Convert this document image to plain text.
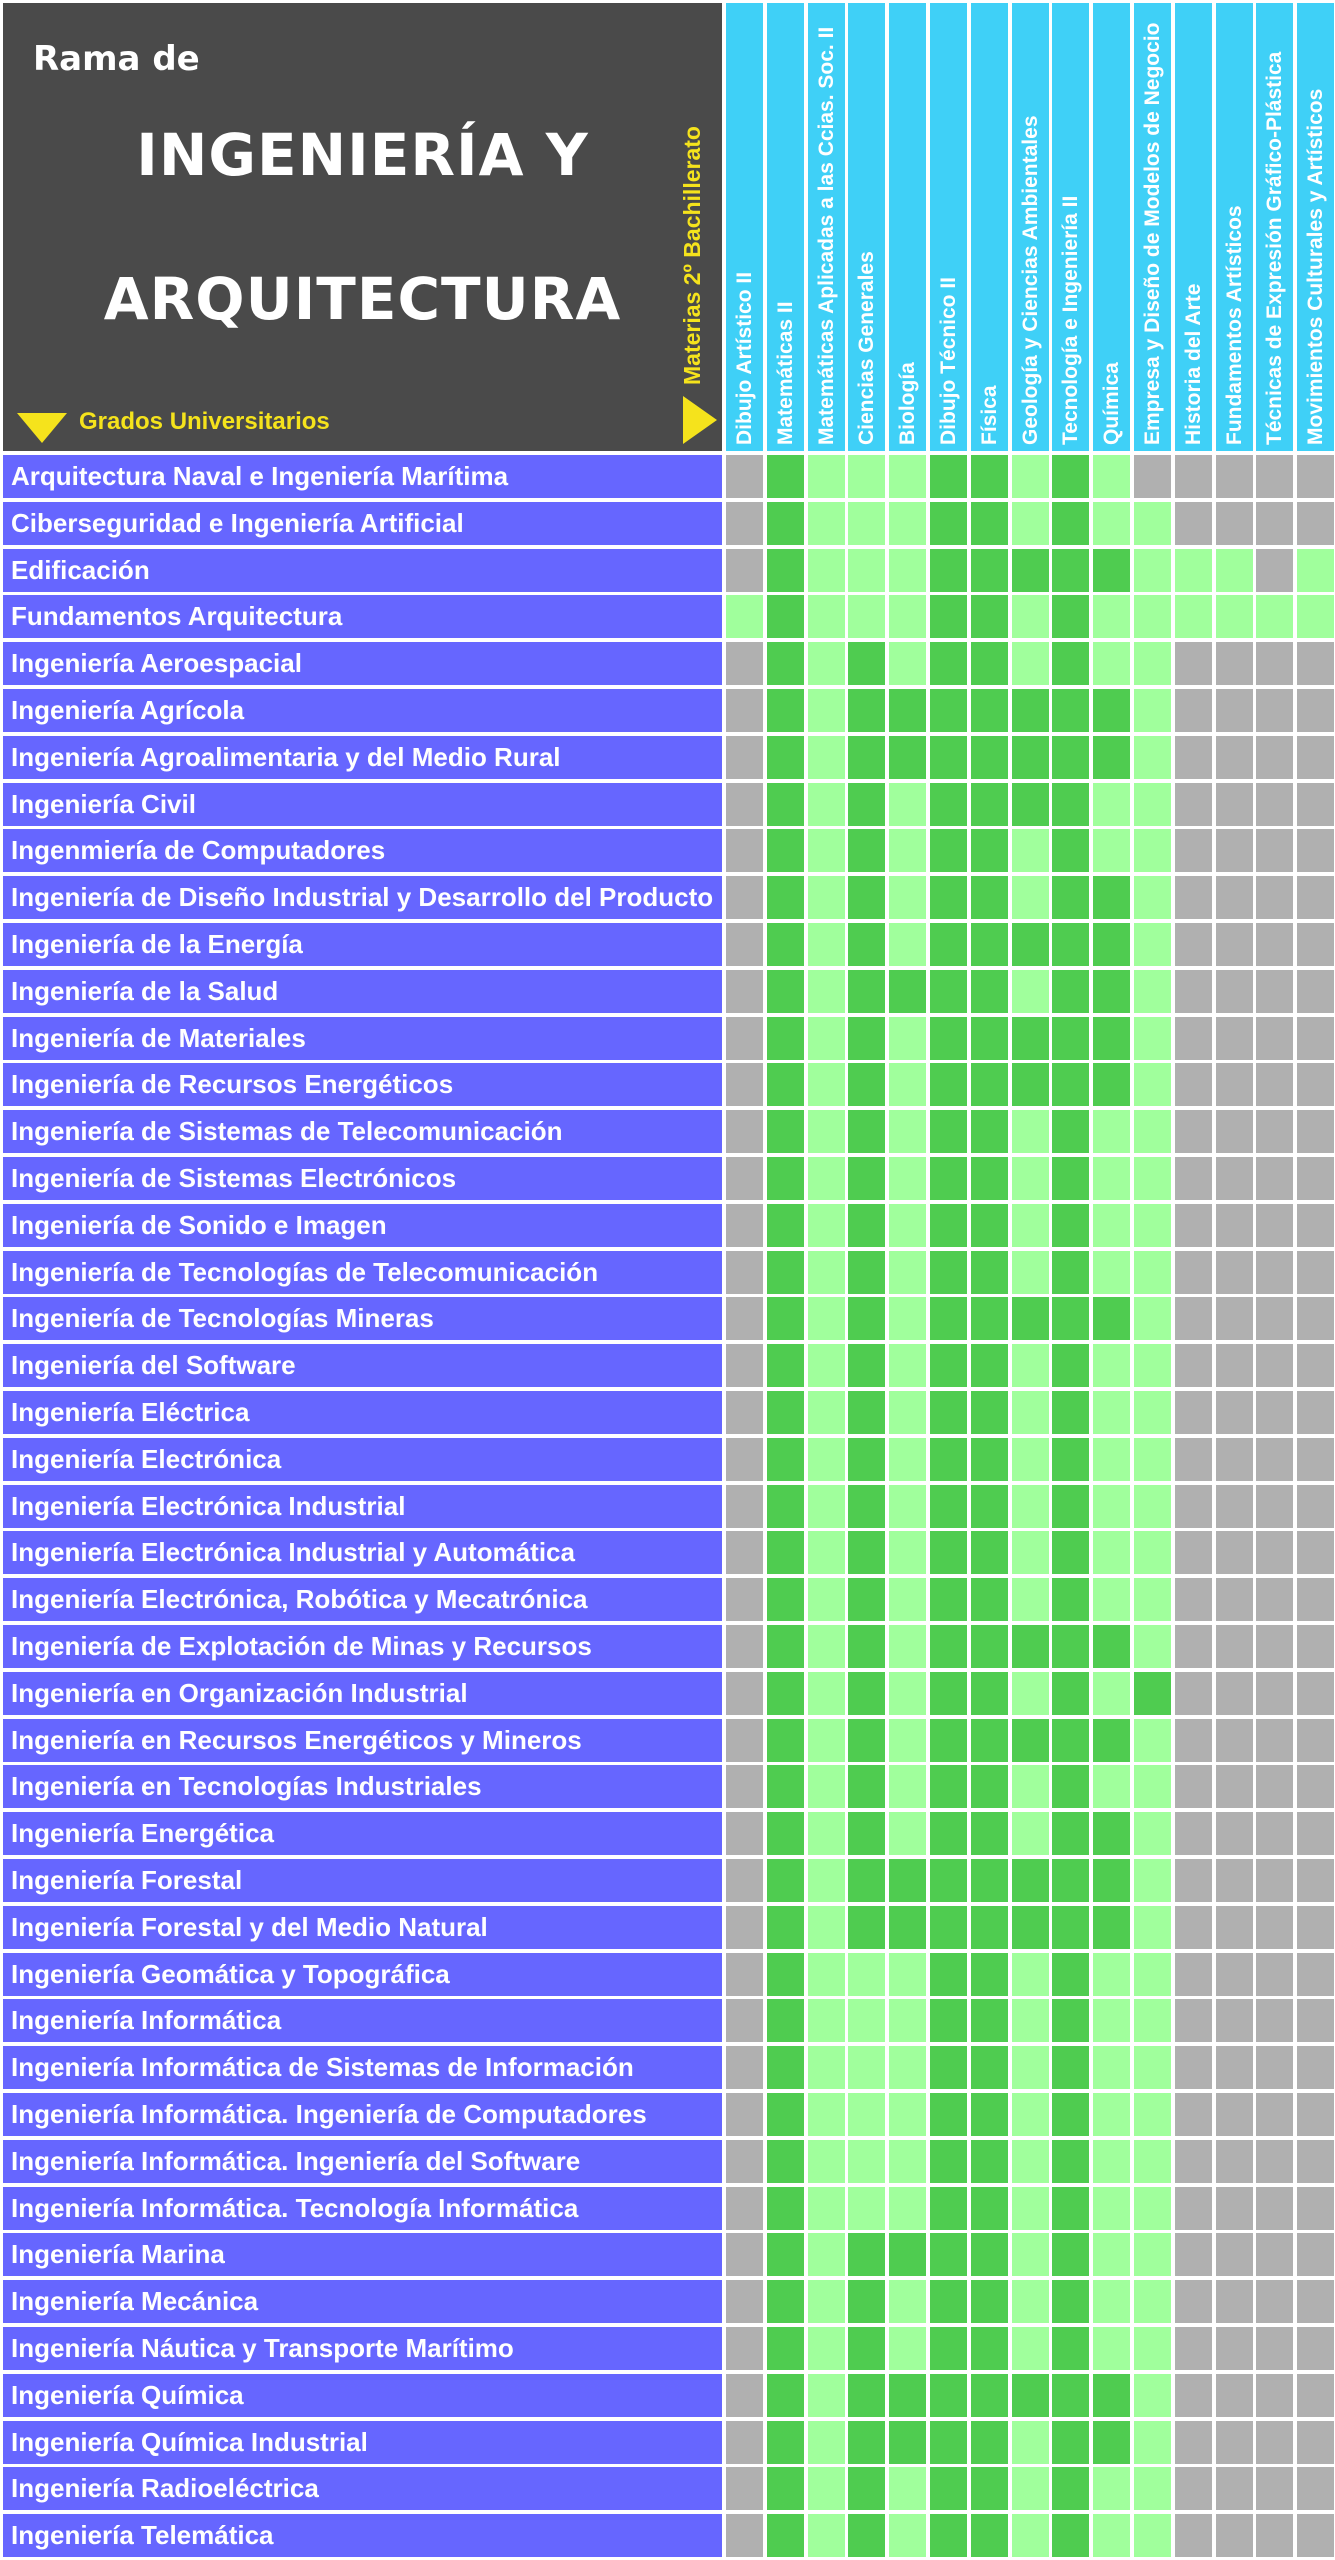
Rama de
INGENIERÍA Y
ARQUITECTURA
Grados Universitarios
Materias 2º Bachillerato	Dibujo Artístico II Matemáticas II Matemáticas Aplicadas a las Ccias. Soc. II Ciencias Generales Biología Dibujo Técnico II Física Geología y Ciencias Ambientales Tecnología e Ingeniería II Química Empresa y Diseño de Modelos de Negocio Historia del Arte Fundamentos Artísticos Técnicas de Expresión Gráfico-Plástica Movimientos Culturales y Artísticos
Arquitectura Naval e Ingeniería Marítima
Ciberseguridad e Ingeniería Artificial
Edificación
Fundamentos Arquitectura
Ingeniería Aeroespacial
Ingeniería Agrícola
Ingeniería Agroalimentaria y del Medio Rural
Ingeniería Civil
Ingenmiería de Computadores
Ingeniería de Diseño Industrial y Desarrollo del Producto
Ingeniería de la Energía
Ingeniería de la Salud
Ingeniería de Materiales
Ingeniería de Recursos Energéticos
Ingeniería de Sistemas de Telecomunicación
Ingeniería de Sistemas Electrónicos
Ingeniería de Sonido e Imagen
Ingeniería de Tecnologías de Telecomunicación
Ingeniería de Tecnologías Mineras
Ingeniería del Software
Ingeniería Eléctrica
Ingeniería Electrónica
Ingeniería Electrónica Industrial
Ingeniería Electrónica Industrial y Automática
Ingeniería Electrónica, Robótica y Mecatrónica
Ingeniería de Explotación de Minas y Recursos
Ingeniería en Organización Industrial
Ingeniería en Recursos Energéticos y Mineros
Ingeniería en Tecnologías Industriales
Ingeniería Energética
Ingeniería Forestal
Ingeniería Forestal y del Medio Natural
Ingeniería Geomática y Topográfica
Ingeniería Informática
Ingeniería Informática de Sistemas de Información
Ingeniería Informática. Ingeniería de Computadores
Ingeniería Informática. Ingeniería del Software
Ingeniería Informática. Tecnología Informática
Ingeniería Marina
Ingeniería Mecánica
Ingeniería Náutica y Transporte Marítimo
Ingeniería Química
Ingeniería Química Industrial
Ingeniería Radioeléctrica
Ingeniería Telemática
